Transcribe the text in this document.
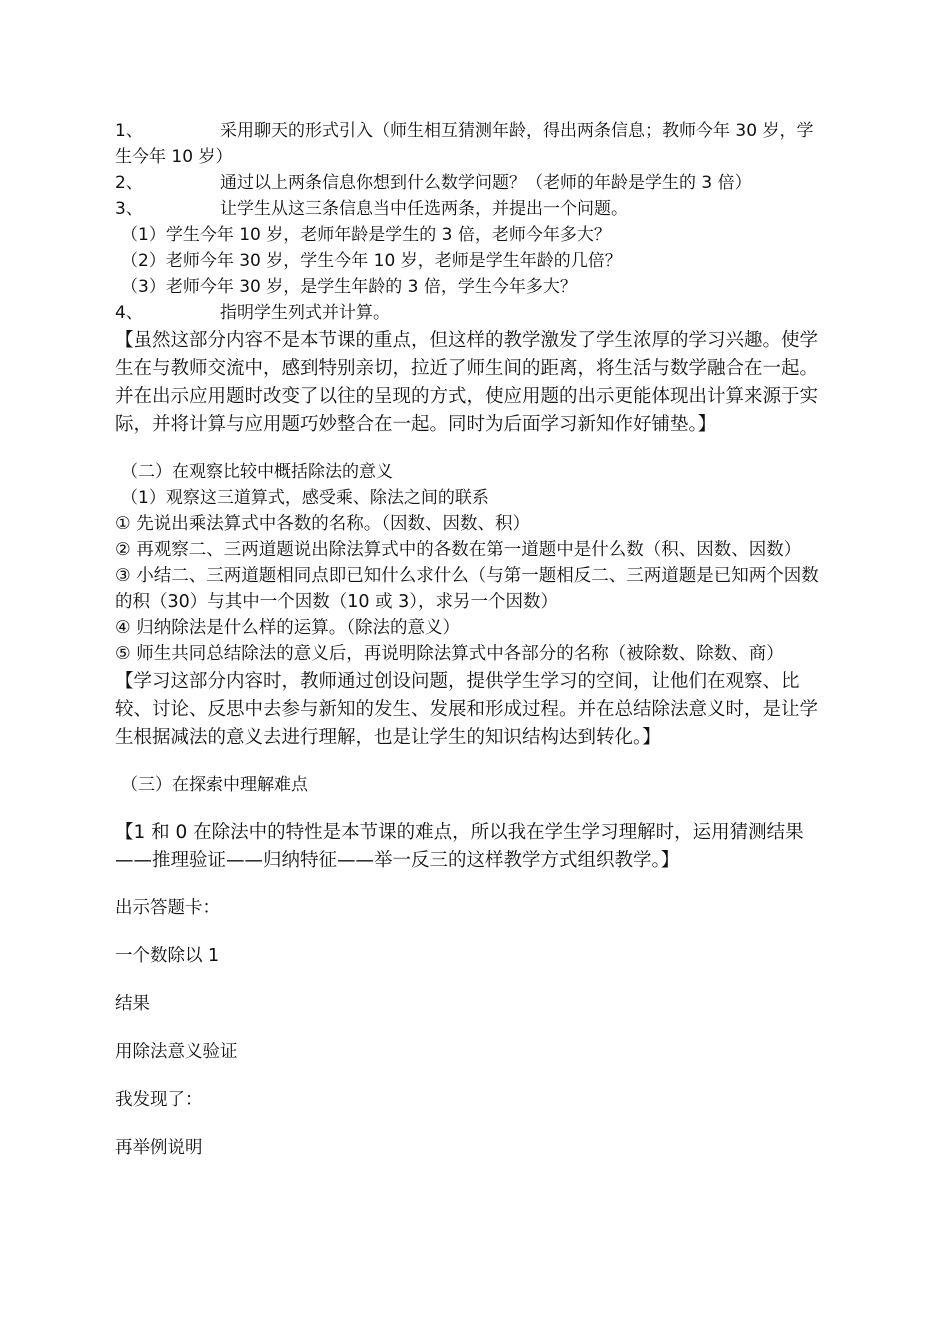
1、	采用聊天的形式引入（师生相互猜测年龄，得出两条信息；教师今年 30 岁，学生今年 10 岁）
2、	通过以上两条信息你想到什么数学问题？（老师的年龄是学生的 3 倍）
3、	让学生从这三条信息当中任选两条，并提出一个问题。
（1）学生今年 10 岁，老师年龄是学生的 3 倍，老师今年多大？
（2）老师今年 30 岁，学生今年 10 岁，老师是学生年龄的几倍？
（3）老师今年 30 岁，是学生年龄的 3 倍，学生今年多大？
4、	指明学生列式并计算。
【虽然这部分内容不是本节课的重点，但这样的教学激发了学生浓厚的学习兴趣。使学生在与教师交流中，感到特别亲切，拉近了师生间的距离，将生活与数学融合在一起。并在出示应用题时改变了以往的呈现的方式，使应用题的出示更能体现出计算来源于实际，并将计算与应用题巧妙整合在一起。同时为后面学习新知作好铺垫。】
（二）在观察比较中概括除法的意义
（1）观察这三道算式，感受乘、除法之间的联系
① 先说出乘法算式中各数的名称。（因数、因数、积）
② 再观察二、三两道题说出除法算式中的各数在第一道题中是什么数（积、因数、因数）
③ 小结二、三两道题相同点即已知什么求什么（与第一题相反二、三两道题是已知两个因数的积（30）与其中一个因数（10 或 3），求另一个因数）
④ 归纳除法是什么样的运算。（除法的意义）
⑤ 师生共同总结除法的意义后，再说明除法算式中各部分的名称（被除数、除数、商）
【学习这部分内容时，教师通过创设问题，提供学生学习的空间，让他们在观察、比较、讨论、反思中去参与新知的发生、发展和形成过程。并在总结除法意义时，是让学生根据减法的意义去进行理解，也是让学生的知识结构达到转化。】
（三）在探索中理解难点
【1 和 0 在除法中的特性是本节课的难点，所以我在学生学习理解时，运用猜测结果——推理验证——归纳特征——举一反三的这样教学方式组织教学。】
出示答题卡：
一个数除以 1
结果
用除法意义验证
我发现了：
再举例说明
